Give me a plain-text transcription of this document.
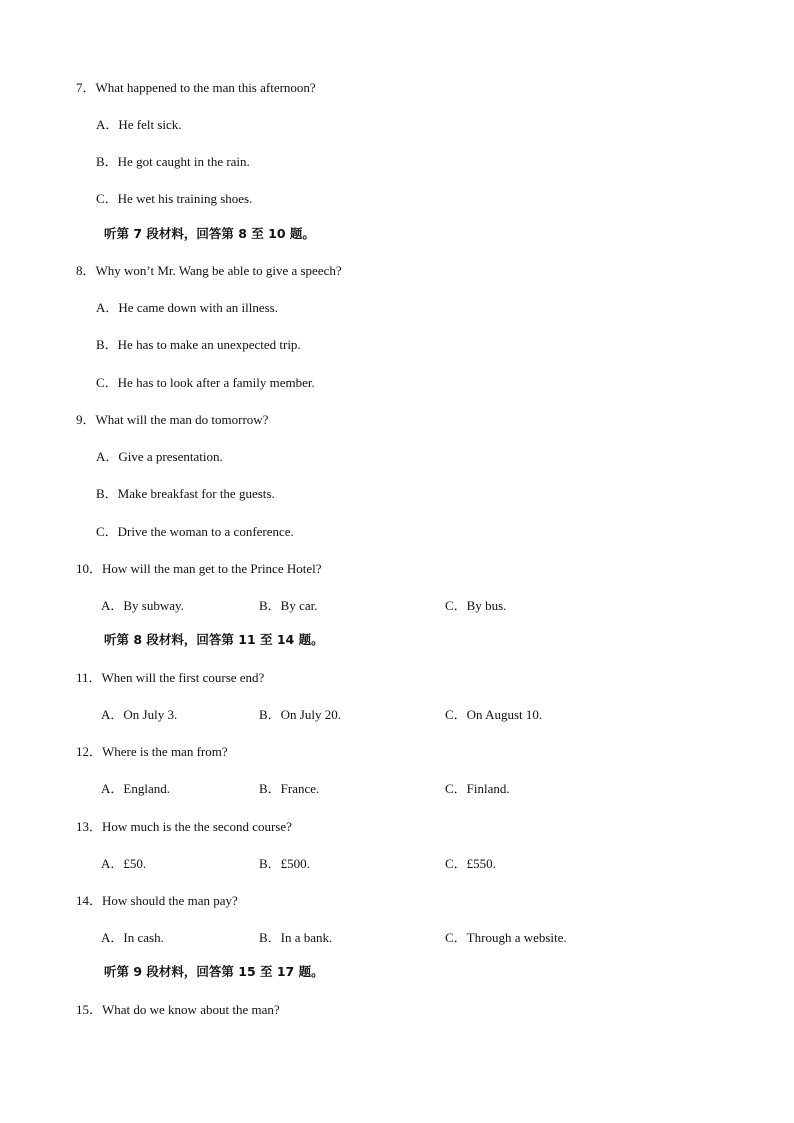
7．What happened to the man this afternoon?
A．He felt sick.
B．He got caught in the rain.
C．He wet his training shoes.
听第 7 段材料，回答第 8 至 10 题。
8．Why won’t Mr. Wang be able to give a speech?
A．He came down with an illness.
B．He has to make an unexpected trip.
C．He has to look after a family member.
9．What will the man do tomorrow?
A．Give a presentation.
B．Make breakfast for the guests.
C．Drive the woman to a conference.
10．How will the man get to the Prince Hotel?
A．By subway.	B．By car.	C．By bus.
听第 8 段材料，回答第 11 至 14 题。
11．When will the first course end?
A．On July 3.	B．On July 20.	C．On August 10.
12．Where is the man from?
A．England.	B．France.	C．Finland.
13．How much is the the second course?
A．£50.	B．£500.	C．£550.
14．How should the man pay?
A．In cash.	B．In a bank.	C．Through a website.
听第 9 段材料，回答第 15 至 17 题。
15．What do we know about the man?
